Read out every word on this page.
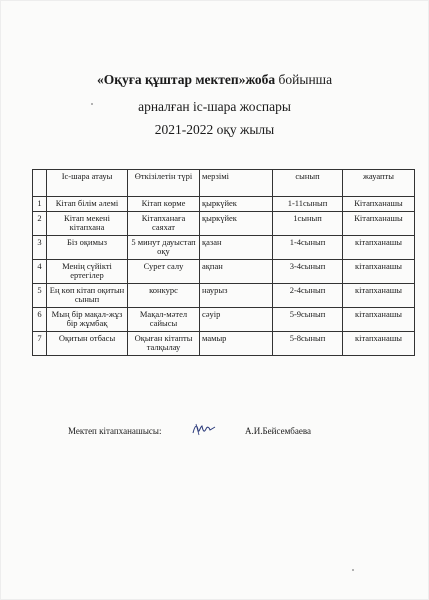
«Оқуға құштар мектеп»жоба бойынша
арналған іс-шара жоспары
2021-2022 оқу жылы
	Іс-шара атауы	Өткізілетін түрі	мерзімі	сынып	жауапты
1	Кітап білім әлемі	Кітап көрме	қыркүйек	1-11сынып	Кітапханашы
2	Кітап мекені кітапхана	Кітапханаға саяхат	қыркүйек	1сынып	Кітапханашы
3	Біз оқимыз	5 минут дауыстап оқу	қазан	1-4сынып	кітапханашы
4	Менің сүйікті ертегілер	Сурет салу	ақпан	3-4сынып	кітапханашы
5	Ең көп кітап оқитын сынып	конкурс	наурыз	2-4сынып	кітапханашы
6	Мың бір мақал-жұз бір жұмбақ	Мақал-мәтел сайысы	сәуір	5-9сынып	кітапханашы
7	Оқитын отбасы	Оқыған кітапты талқылау	мамыр	5-8сынып	кітапханашы
Мектеп кітапханашысы:	А.И.Бейсембаева
